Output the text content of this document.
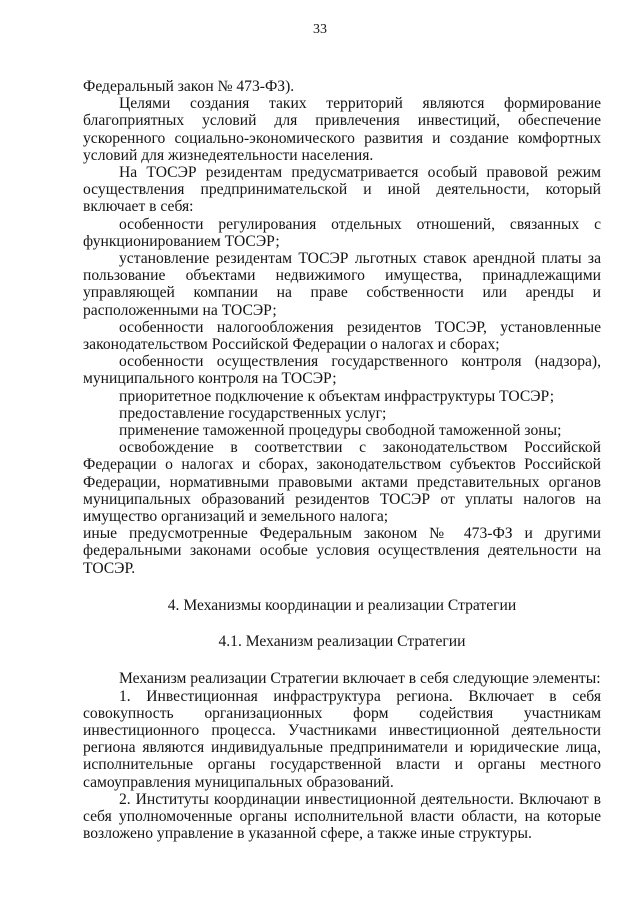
33

Федеральный закон № 473-ФЗ).

Целями создания таких территорий являются формирование благоприятных условий для привлечения инвестиций, обеспечение ускоренного социально-экономического развития и создание комфортных условий для жизнедеятельности населения.

На ТОСЭР резидентам предусматривается особый правовой режим осуществления предпринимательской и иной деятельности, который включает в себя:

особенности регулирования отдельных отношений, связанных с функционированием ТОСЭР;

установление резидентам ТОСЭР льготных ставок арендной платы за пользование объектами недвижимого имущества, принадлежащими управляющей компании на праве собственности или аренды и расположенными на ТОСЭР;

особенности налогообложения резидентов ТОСЭР, установленные законодательством Российской Федерации о налогах и сборах;

особенности осуществления государственного контроля (надзора), муниципального контроля на ТОСЭР;

приоритетное подключение к объектам инфраструктуры ТОСЭР;

предоставление государственных услуг;

применение таможенной процедуры свободной таможенной зоны;

освобождение в соответствии с законодательством Российской Федерации о налогах и сборах, законодательством субъектов Российской Федерации, нормативными правовыми актами представительных органов муниципальных образований резидентов ТОСЭР от уплаты налогов на имущество организаций и земельного налога;

иные предусмотренные Федеральным законом № 473-ФЗ и другими федеральными законами особые условия осуществления деятельности на ТОСЭР.

4. Механизмы координации и реализации Стратегии

4.1. Механизм реализации Стратегии

Механизм реализации Стратегии включает в себя следующие элементы:

1. Инвестиционная инфраструктура региона. Включает в себя совокупность организационных форм содействия участникам инвестиционного процесса. Участниками инвестиционной деятельности региона являются индивидуальные предприниматели и юридические лица, исполнительные органы государственной власти и органы местного самоуправления муниципальных образований.

2. Институты координации инвестиционной деятельности. Включают в себя уполномоченные органы исполнительной власти области, на которые возложено управление в указанной сфере, а также иные структуры.
